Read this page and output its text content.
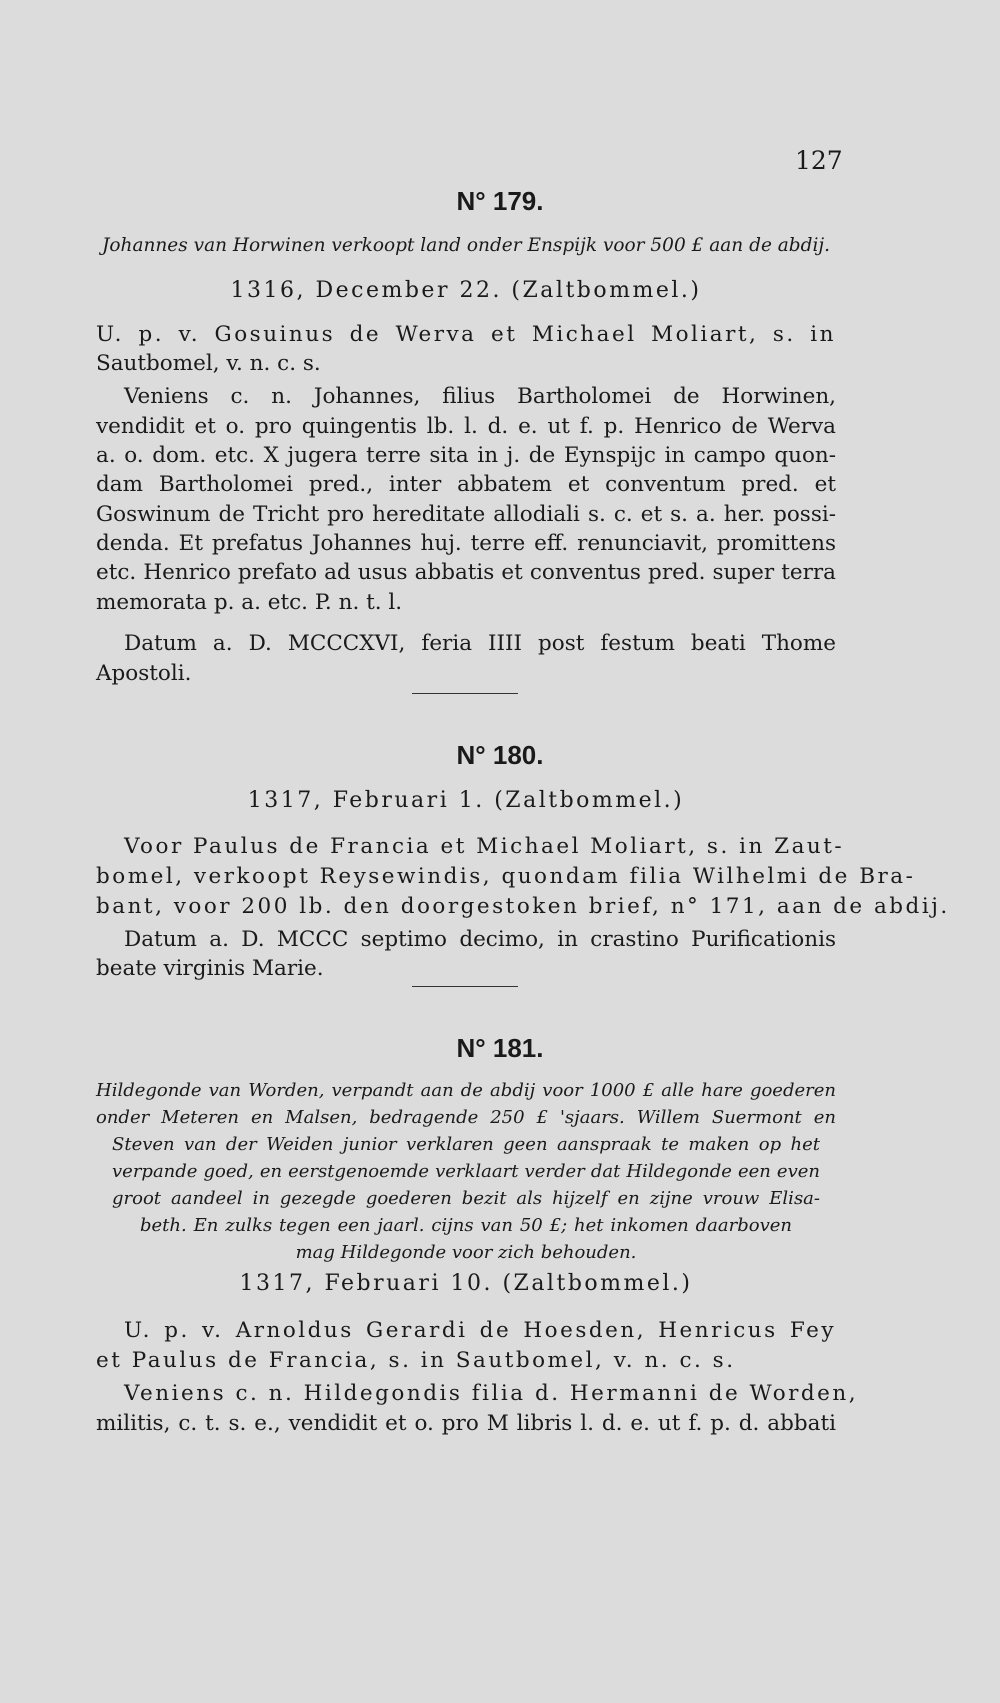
127
N° 179.
Johannes van Horwinen verkoopt land onder Enspijk voor 500 £ aan de abdij.
1316, December 22. (Zaltbommel.)
U. p. v. Gosuinus de Werva et Michael Moliart, s. in
Sautbomel, v. n. c. s.
Veniens c. n. Johannes, filius Bartholomei de Horwinen,
vendidit et o. pro quingentis lb. l. d. e. ut f. p. Henrico de Werva
a. o. dom. etc. X jugera terre sita in j. de Eynspijc in campo quon-
dam Bartholomei pred., inter abbatem et conventum pred. et
Goswinum de Tricht pro hereditate allodiali s. c. et s. a. her. possi-
denda. Et prefatus Johannes huj. terre eff. renunciavit, promittens
etc. Henrico prefato ad usus abbatis et conventus pred. super terra
memorata p. a. etc. P. n. t. l.
Datum a. D. MCCCXVI, feria IIII post festum beati Thome
Apostoli.
N° 180.
1317, Februari 1. (Zaltbommel.)
Voor Paulus de Francia et Michael Moliart, s. in Zaut-
bomel, verkoopt Reysewindis, quondam filia Wilhelmi de Bra-
bant, voor 200 lb. den doorgestoken brief, n° 171, aan de abdij.
Datum a. D. MCCC septimo decimo, in crastino Purificationis
beate virginis Marie.
N° 181.
Hildegonde van Worden, verpandt aan de abdij voor 1000 £ alle hare goederen
onder Meteren en Malsen, bedragende 250 £ 'sjaars. Willem Suermont en
Steven van der Weiden junior verklaren geen aanspraak te maken op het
verpande goed, en eerstgenoemde verklaart verder dat Hildegonde een even
groot aandeel in gezegde goederen bezit als hijzelf en zijne vrouw Elisa-
beth. En zulks tegen een jaarl. cijns van 50 £; het inkomen daarboven
mag Hildegonde voor zich behouden.
1317, Februari 10. (Zaltbommel.)
U. p. v. Arnoldus Gerardi de Hoesden, Henricus Fey
et Paulus de Francia, s. in Sautbomel, v. n. c. s.
Veniens c. n. Hildegondis filia d. Hermanni de Worden,
militis, c. t. s. e., vendidit et o. pro M libris l. d. e. ut f. p. d. abbati
